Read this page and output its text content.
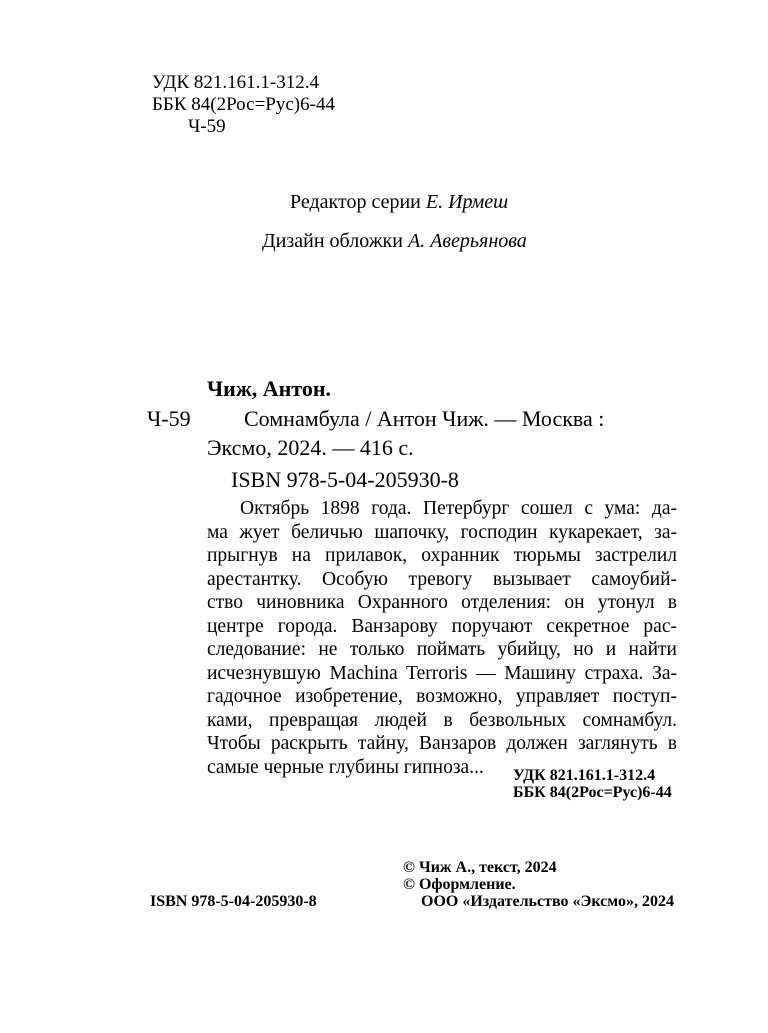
УДК 821.161.1-312.4
ББК 84(2Рос=Рус)6-44
Ч-59
Редактор серии Е. Ирмеш
Дизайн обложки А. Аверьянова
Чиж, Антон.
Ч-59 Сомнамбула / Антон Чиж. — Москва :
Эксмо, 2024. — 416 с.
ISBN 978-5-04-205930-8
Октябрь 1898 года. Петербург сошел с ума: да-
ма жует беличью шапочку, господин кукарекает, за-
прыгнув на прилавок, охранник тюрьмы застрелил
арестантку. Особую тревогу вызывает самоубий-
ство чиновника Охранного отделения: он утонул в
центре города. Ванзарову поручают секретное рас-
следование: не только поймать убийцу, но и найти
исчезнувшую Machina Terroris — Машину страха. За-
гадочное изобретение, возможно, управляет поступ-
ками, превращая людей в безвольных сомнамбул.
Чтобы раскрыть тайну, Ванзаров должен заглянуть в
самые черные глубины гипноза...	УДК 821.161.1-312.4
ББК 84(2Рос=Рус)6-44
© Чиж А., текст, 2024
© Оформление.
ООО «Издательство «Эксмо», 2024
ISBN 978-5-04-205930-8
